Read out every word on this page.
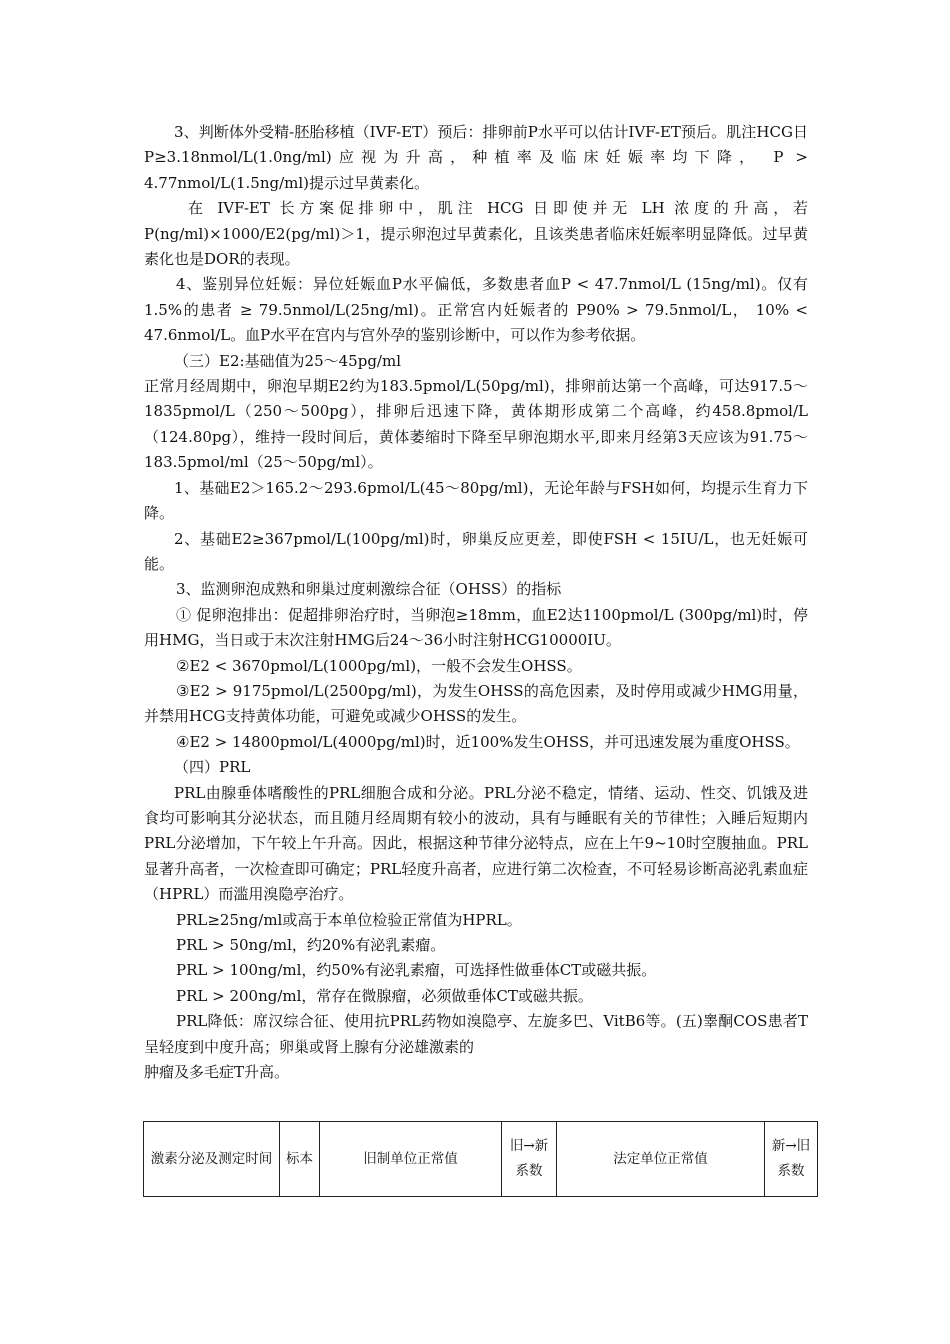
3、判断体外受精-胚胎移植（IVF-ET）预后：排卵前P水平可以估计IVF-ET预后。肌注HCG日P≥3.18nmol/L(1.0ng/ml)应视为升高，种植率及临床妊娠率均下降， P > 4.77nmol/L(1.5ng/ml)提示过早黄素化。

在 IVF-ET 长方案促排卵中，肌注 HCG 日即使并无 LH 浓度的升高，若P(ng/ml)×1000/E2(pg/ml)＞1，提示卵泡过早黄素化，且该类患者临床妊娠率明显降低。过早黄素化也是DOR的表现。

4、鉴别异位妊娠：异位妊娠血P水平偏低，多数患者血P < 47.7nmol/L (15ng/ml)。仅有1.5%的患者 ≥ 79.5nmol/L(25ng/ml)。正常宫内妊娠者的 P90% > 79.5nmol/L， 10% < 47.6nmol/L。血P水平在宫内与宫外孕的鉴别诊断中，可以作为参考依据。

（三）E2:基础值为25～45pg/ml

正常月经周期中，卵泡早期E2约为183.5pmol/L(50pg/ml)，排卵前达第一个高峰，可达917.5～1835pmol/L（250～500pg），排卵后迅速下降，黄体期形成第二个高峰，约458.8pmol/L（124.80pg），维持一段时间后，黄体萎缩时下降至早卵泡期水平,即来月经第3天应该为91.75～183.5pmol/ml（25～50pg/ml）。

1、基础E2＞165.2～293.6pmol/L(45～80pg/ml)，无论年龄与FSH如何，均提示生育力下降。

2、基础E2≥367pmol/L(100pg/ml)时，卵巢反应更差，即使FSH < 15IU/L，也无妊娠可能。

3、监测卵泡成熟和卵巢过度刺激综合征（OHSS）的指标

① 促卵泡排出：促超排卵治疗时，当卵泡≥18mm，血E2达1100pmol/L (300pg/ml)时，停用HMG，当日或于末次注射HMG后24～36小时注射HCG10000IU。

②E2 < 3670pmol/L(1000pg/ml)，一般不会发生OHSS。

③E2 > 9175pmol/L(2500pg/ml)，为发生OHSS的高危因素，及时停用或减少HMG用量，并禁用HCG支持黄体功能，可避免或减少OHSS的发生。

④E2 > 14800pmol/L(4000pg/ml)时，近100%发生OHSS，并可迅速发展为重度OHSS。

（四）PRL

PRL由腺垂体嗜酸性的PRL细胞合成和分泌。PRL分泌不稳定，情绪、运动、性交、饥饿及进食均可影响其分泌状态，而且随月经周期有较小的波动，具有与睡眠有关的节律性；入睡后短期内PRL分泌增加，下午较上午升高。因此，根据这种节律分泌特点，应在上午9~10时空腹抽血。PRL显著升高者，一次检查即可确定；PRL轻度升高者，应进行第二次检查，不可轻易诊断高泌乳素血症（HPRL）而滥用溴隐亭治疗。

PRL≥25ng/ml或高于本单位检验正常值为HPRL。

PRL > 50ng/ml，约20%有泌乳素瘤。

PRL > 100ng/ml，约50%有泌乳素瘤，可选择性做垂体CT或磁共振。

PRL > 200ng/ml，常存在微腺瘤，必须做垂体CT或磁共振。

PRL降低：席汉综合征、使用抗PRL药物如溴隐亭、左旋多巴、VitB6等。(五)睾酮COS患者T呈轻度到中度升高；卵巢或肾上腺有分泌雄激素的

肿瘤及多毛症T升高。

激素分泌及测定时间	标本	旧制单位正常值	旧→新系数	法定单位正常值	新→旧系数
